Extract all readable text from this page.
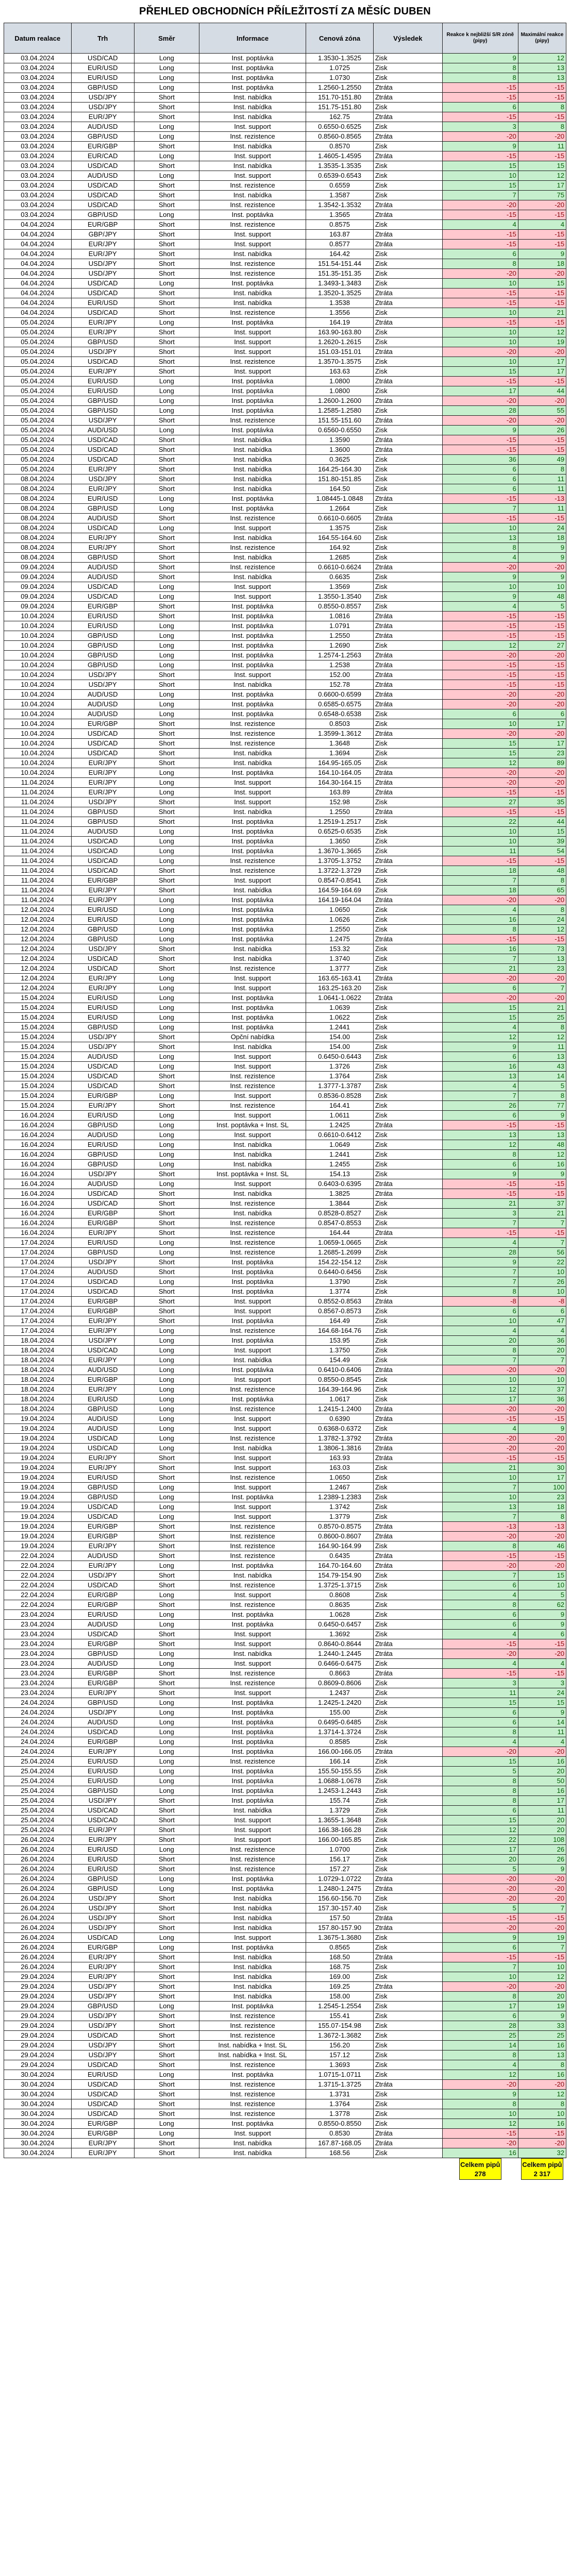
PŘEHLED OBCHODNÍCH PŘÍLEŽITOSTÍ ZA MĚSÍC DUBEN
Datum realace	Trh	Směr	Informace	Cenová zóna	Výsledek	Reakce k nejbližší S/R zóně (pipy)	Maximální reakce (pipy)
03.04.2024	USD/CAD	Long	Inst. poptávka	1.3530-1.3525	Zisk	9	12
03.04.2024	EUR/USD	Long	Inst. poptávka	1.0725	Zisk	8	13
03.04.2024	EUR/USD	Long	Inst. poptávka	1.0730	Zisk	8	13
03.04.2024	GBP/USD	Long	Inst. poptávka	1.2560-1.2550	Ztráta	-15	-15
03.04.2024	USD/JPY	Short	Inst. nabídka	151.70-151.80	Ztráta	-15	-15
03.04.2024	USD/JPY	Short	Inst. nabídka	151.75-151.80	Zisk	6	8
03.04.2024	EUR/JPY	Short	Inst. nabídka	162.75	Ztráta	-15	-15
03.04.2024	AUD/USD	Long	Inst. support	0.6550-0.6525	Zisk	3	8
03.04.2024	GBP/USD	Long	Inst. rezistence	0.8560-0.8565	Ztráta	-20	-20
03.04.2024	EUR/GBP	Short	Inst. nabídka	0.8570	Zisk	9	11
03.04.2024	EUR/CAD	Long	Inst. support	1.4605-1.4595	Ztráta	-15	-15
03.04.2024	USD/CAD	Short	Inst. nabídka	1.3535-1.3535	Zisk	15	15
03.04.2024	AUD/USD	Long	Inst. support	0.6539-0.6543	Zisk	10	12
03.04.2024	USD/CAD	Short	Inst. rezistence	0.6559	Zisk	15	17
03.04.2024	USD/CAD	Short	Inst. nabídka	1.3587	Zisk	7	75
03.04.2024	USD/CAD	Short	Inst. rezistence	1.3542-1.3532	Ztráta	-20	-20
03.04.2024	GBP/USD	Long	Inst. poptávka	1.3565	Ztráta	-15	-15
04.04.2024	EUR/GBP	Short	Inst. rezistence	0.8575	Zisk	4	4
04.04.2024	GBP/JPY	Short	Inst. support	163.87	Ztráta	-15	-15
04.04.2024	EUR/JPY	Short	Inst. support	0.8577	Ztráta	-15	-15
04.04.2024	EUR/JPY	Short	Inst. nabídka	164.42	Zisk	6	9
04.04.2024	USD/JPY	Short	Inst. rezistence	151.54-151.44	Zisk	8	18
04.04.2024	USD/JPY	Short	Inst. rezistence	151.35-151.35	Zisk	-20	-20
04.04.2024	USD/CAD	Long	Inst. poptávka	1.3493-1.3483	Zisk	10	15
04.04.2024	USD/CAD	Short	Inst. nabídka	1.3520-1.3525	Ztráta	-15	-15
04.04.2024	EUR/USD	Short	Inst. nabídka	1.3538	Ztráta	-15	-15
04.04.2024	USD/CAD	Short	Inst. rezistence	1.3556	Zisk	10	21
05.04.2024	EUR/JPY	Long	Inst. poptávka	164.19	Ztráta	-15	-15
05.04.2024	EUR/JPY	Short	Inst. support	163.90-163.80	Zisk	10	12
05.04.2024	GBP/USD	Short	Inst. support	1.2620-1.2615	Zisk	10	19
05.04.2024	USD/JPY	Short	Inst. support	151.03-151.01	Ztráta	-20	-20
05.04.2024	USD/CAD	Short	Inst. rezistence	1.3570-1.3575	Zisk	10	17
05.04.2024	EUR/JPY	Short	Inst. support	163.63	Zisk	15	17
05.04.2024	EUR/USD	Long	Inst. poptávka	1.0800	Ztráta	-15	-15
05.04.2024	EUR/USD	Long	Inst. poptávka	1.0800	Zisk	17	44
05.04.2024	GBP/USD	Long	Inst. poptávka	1.2600-1.2600	Ztráta	-20	-20
05.04.2024	GBP/USD	Long	Inst. poptávka	1.2585-1.2580	Zisk	28	55
05.04.2024	USD/JPY	Short	Inst. rezistence	151.55-151.60	Ztráta	-20	-20
05.04.2024	AUD/USD	Long	Inst. poptávka	0.6560-0.6550	Zisk	9	26
05.04.2024	USD/CAD	Short	Inst. nabídka	1.3590	Ztráta	-15	-15
05.04.2024	USD/CAD	Short	Inst. nabídka	1.3600	Ztráta	-15	-15
05.04.2024	USD/CAD	Short	Inst. nabídka	0.3625	Zisk	36	49
05.04.2024	EUR/JPY	Short	Inst. nabídka	164.25-164.30	Zisk	6	8
08.04.2024	USD/JPY	Short	Inst. nabídka	151.80-151.85	Zisk	6	11
08.04.2024	EUR/JPY	Short	Inst. nabídka	164.50	Zisk	6	11
08.04.2024	EUR/USD	Long	Inst. poptávka	1.08445-1.0848	Ztráta	-15	-13
08.04.2024	GBP/USD	Long	Inst. poptávka	1.2664	Zisk	7	11
08.04.2024	AUD/USD	Short	Inst. rezistence	0.6610-0.6605	Ztráta	-15	-15
08.04.2024	USD/CAD	Long	Inst. support	1.3575	Zisk	10	24
08.04.2024	EUR/JPY	Short	Inst. nabídka	164.55-164.60	Zisk	13	18
08.04.2024	EUR/JPY	Short	Inst. rezistence	164.92	Zisk	8	9
08.04.2024	GBP/USD	Short	Inst. nabídka	1.2685	Zisk	4	9
09.04.2024	AUD/USD	Short	Inst. rezistence	0.6610-0.6624	Ztráta	-20	-20
09.04.2024	AUD/USD	Short	Inst. nabídka	0.6635	Zisk	9	9
09.04.2024	USD/CAD	Long	Inst. support	1.3569	Zisk	10	10
09.04.2024	USD/CAD	Long	Inst. support	1.3550-1.3540	Zisk	9	48
09.04.2024	EUR/GBP	Short	Inst. poptávka	0.8550-0.8557	Zisk	4	5
10.04.2024	EUR/USD	Short	Inst. poptávka	1.0816	Ztráta	-15	-15
10.04.2024	EUR/USD	Long	Inst. poptávka	1.0791	Ztráta	-15	-15
10.04.2024	GBP/USD	Long	Inst. poptávka	1.2550	Ztráta	-15	-15
10.04.2024	GBP/USD	Long	Inst. poptávka	1.2690	Zisk	12	27
10.04.2024	GBP/USD	Long	Inst. poptávka	1.2574-1.2563	Ztráta	-20	-20
10.04.2024	GBP/USD	Long	Inst. poptávka	1.2538	Ztráta	-15	-15
10.04.2024	USD/JPY	Short	Inst. support	152.00	Ztráta	-15	-15
10.04.2024	USD/JPY	Short	Inst. nabídka	152.78	Ztráta	-15	-15
10.04.2024	AUD/USD	Long	Inst. poptávka	0.6600-0.6599	Ztráta	-20	-20
10.04.2024	AUD/USD	Long	Inst. poptávka	0.6585-0.6575	Ztráta	-20	-20
10.04.2024	AUD/USD	Long	Inst. poptávka	0.6548-0.6538	Zisk	6	6
10.04.2024	EUR/GBP	Short	Inst. rezistence	0.8503	Zisk	10	17
10.04.2024	USD/CAD	Short	Inst. rezistence	1.3599-1.3612	Ztráta	-20	-20
10.04.2024	USD/CAD	Short	Inst. rezistence	1.3648	Zisk	15	17
10.04.2024	USD/CAD	Short	Inst. nabídka	1.3694	Zisk	15	23
10.04.2024	EUR/JPY	Short	Inst. nabídka	164.95-165.05	Zisk	12	89
10.04.2024	EUR/JPY	Long	Inst. poptávka	164.10-164.05	Ztráta	-20	-20
11.04.2024	EUR/JPY	Long	Inst. support	164.30-164.15	Ztráta	-20	-20
11.04.2024	EUR/JPY	Long	Inst. support	163.89	Ztráta	-15	-15
11.04.2024	USD/JPY	Short	Inst. support	152.98	Zisk	27	35
11.04.2024	GBP/USD	Short	Inst. nabídka	1.2550	Ztráta	-15	-15
11.04.2024	GBP/USD	Short	Inst. poptávka	1.2519-1.2517	Zisk	22	44
11.04.2024	AUD/USD	Long	Inst. poptávka	0.6525-0.6535	Zisk	10	15
11.04.2024	USD/CAD	Long	Inst. poptávka	1.3650	Zisk	10	39
11.04.2024	USD/CAD	Long	Inst. poptávka	1.3670-1.3665	Zisk	11	54
11.04.2024	USD/CAD	Long	Inst. rezistence	1.3705-1.3752	Ztráta	-15	-15
11.04.2024	USD/CAD	Short	Inst. rezistence	1.3722-1.3729	Zisk	18	48
11.04.2024	EUR/GBP	Short	Inst. support	0.8547-0.8541	Zisk	7	8
11.04.2024	EUR/JPY	Short	Inst. nabídka	164.59-164.69	Zisk	18	65
11.04.2024	EUR/JPY	Long	Inst. poptávka	164.19-164.04	Ztráta	-20	-20
12.04.2024	EUR/USD	Long	Inst. poptávka	1.0650	Zisk	4	8
12.04.2024	EUR/USD	Long	Inst. poptávka	1.0626	Zisk	16	24
12.04.2024	GBP/USD	Long	Inst. poptávka	1.2550	Zisk	8	12
12.04.2024	GBP/USD	Long	Inst. poptávka	1.2475	Ztráta	-15	-15
12.04.2024	USD/JPY	Short	Inst. nabídka	153.32	Zisk	16	73
12.04.2024	USD/CAD	Short	Inst. nabídka	1.3740	Zisk	7	13
12.04.2024	USD/CAD	Short	Inst. rezistence	1.3777	Zisk	21	23
12.04.2024	EUR/JPY	Long	Inst. support	163.65-163.41	Ztráta	-20	-20
12.04.2024	EUR/JPY	Long	Inst. support	163.25-163.20	Zisk	6	7
15.04.2024	EUR/USD	Long	Inst. poptávka	1.0641-1.0622	Ztráta	-20	-20
15.04.2024	EUR/USD	Long	Inst. poptávka	1.0639	Zisk	15	21
15.04.2024	EUR/USD	Long	Inst. poptávka	1.0622	Zisk	15	25
15.04.2024	GBP/USD	Long	Inst. poptávka	1.2441	Zisk	4	8
15.04.2024	USD/JPY	Short	Opční nabídka	154.00	Zisk	12	12
15.04.2024	USD/JPY	Short	Inst. nabídka	154.00	Zisk	9	11
15.04.2024	AUD/USD	Long	Inst. support	0.6450-0.6443	Zisk	6	13
15.04.2024	USD/CAD	Long	Inst. support	1.3726	Zisk	16	43
15.04.2024	USD/CAD	Short	Inst. rezistence	1.3764	Zisk	13	14
15.04.2024	USD/CAD	Short	Inst. rezistence	1.3777-1.3787	Zisk	4	5
15.04.2024	EUR/GBP	Long	Inst. support	0.8536-0.8528	Zisk	7	8
15.04.2024	EUR/JPY	Short	Inst. rezistence	164.41	Zisk	26	77
16.04.2024	EUR/USD	Long	Inst. support	1.0611	Zisk	6	9
16.04.2024	GBP/USD	Long	Inst. poptávka + Inst. SL	1.2425	Ztráta	-15	-15
16.04.2024	AUD/USD	Long	Inst. support	0.6610-0.6412	Zisk	13	13
16.04.2024	EUR/USD	Long	Inst. nabídka	1.0649	Zisk	12	48
16.04.2024	GBP/USD	Long	Inst. nabídka	1.2441	Zisk	8	12
16.04.2024	GBP/USD	Long	Inst. nabídka	1.2455	Zisk	6	16
16.04.2024	USD/JPY	Short	Inst. poptávka + Inst. SL	154.13	Zisk	9	9
16.04.2024	AUD/USD	Long	Inst. support	0.6403-0.6395	Ztráta	-15	-15
16.04.2024	USD/CAD	Short	Inst. nabídka	1.3825	Ztráta	-15	-15
16.04.2024	USD/CAD	Short	Inst. rezistence	1.3844	Zisk	21	37
16.04.2024	EUR/GBP	Short	Inst. nabídka	0.8528-0.8527	Zisk	3	21
16.04.2024	EUR/GBP	Short	Inst. rezistence	0.8547-0.8553	Zisk	7	7
16.04.2024	EUR/JPY	Short	Inst. rezistence	164.44	Ztráta	-15	-15
17.04.2024	EUR/USD	Long	Inst. rezistence	1.0659-1.0665	Zisk	4	7
17.04.2024	GBP/USD	Long	Inst. rezistence	1.2685-1.2699	Zisk	28	56
17.04.2024	USD/JPY	Short	Inst. poptávka	154.22-154.12	Zisk	9	22
17.04.2024	AUD/USD	Short	Inst. poptávka	0.6440-0.6456	Zisk	7	10
17.04.2024	USD/CAD	Long	Inst. poptávka	1.3790	Zisk	7	26
17.04.2024	USD/CAD	Short	Inst. poptávka	1.3774	Zisk	8	10
17.04.2024	EUR/GBP	Short	Inst. support	0.8552-0.8563	Ztráta	-8	-8
17.04.2024	EUR/GBP	Short	Inst. support	0.8567-0.8573	Zisk	6	6
17.04.2024	EUR/JPY	Short	Inst. poptávka	164.49	Zisk	10	47
17.04.2024	EUR/JPY	Long	Inst. rezistence	164.68-164.76	Zisk	4	4
18.04.2024	USD/JPY	Long	Inst. poptávka	153.95	Zisk	20	36
18.04.2024	USD/CAD	Long	Inst. support	1.3750	Zisk	8	20
18.04.2024	EUR/JPY	Long	Inst. nabídka	154.49	Zisk	7	7
18.04.2024	AUD/USD	Long	Inst. poptávka	0.6410-0.6406	Ztráta	-20	-20
18.04.2024	EUR/GBP	Long	Inst. support	0.8550-0.8545	Zisk	10	10
18.04.2024	EUR/JPY	Long	Inst. rezistence	164.39-164.96	Zisk	12	37
18.04.2024	EUR/USD	Long	Inst. poptávka	1.0617	Zisk	17	36
18.04.2024	GBP/USD	Long	Inst. rezistence	1.2415-1.2400	Ztráta	-20	-20
19.04.2024	AUD/USD	Long	Inst. support	0.6390	Ztráta	-15	-15
19.04.2024	AUD/USD	Long	Inst. support	0.6368-0.6372	Zisk	4	9
19.04.2024	USD/CAD	Long	Inst. rezistence	1.3782-1.3792	Ztráta	-20	-20
19.04.2024	USD/CAD	Long	Inst. nabídka	1.3806-1.3816	Ztráta	-20	-20
19.04.2024	EUR/JPY	Short	Inst. support	163.93	Ztráta	-15	-15
19.04.2024	EUR/JPY	Short	Inst. support	163.03	Zisk	21	30
19.04.2024	EUR/USD	Short	Inst. rezistence	1.0650	Zisk	10	17
19.04.2024	GBP/USD	Long	Inst. support	1.2467	Zisk	7	100
19.04.2024	GBP/USD	Long	Inst. poptávka	1.2389-1.2383	Zisk	10	23
19.04.2024	USD/CAD	Long	Inst. support	1.3742	Zisk	13	18
19.04.2024	USD/CAD	Long	Inst. support	1.3779	Zisk	7	8
19.04.2024	EUR/GBP	Short	Inst. rezistence	0.8570-0.8575	Ztráta	-13	-13
19.04.2024	EUR/GBP	Short	Inst. rezistence	0.8600-0.8607	Ztráta	-20	-20
19.04.2024	EUR/JPY	Short	Inst. rezistence	164.90-164.99	Zisk	8	46
22.04.2024	AUD/USD	Short	Inst. rezistence	0.6435	Ztráta	-15	-15
22.04.2024	EUR/JPY	Long	Inst. poptávka	164.70-164.60	Ztráta	-20	-20
22.04.2024	USD/JPY	Short	Inst. nabídka	154.79-154.90	Zisk	7	15
22.04.2024	USD/CAD	Short	Inst. rezistence	1.3725-1.3715	Zisk	6	10
22.04.2024	EUR/GBP	Long	Inst. support	0.8608	Zisk	4	5
22.04.2024	EUR/GBP	Short	Inst. rezistence	0.8635	Zisk	8	62
23.04.2024	EUR/USD	Long	Inst. poptávka	1.0628	Zisk	6	9
23.04.2024	AUD/USD	Long	Inst. poptávka	0.6450-0.6457	Zisk	6	9
23.04.2024	USD/CAD	Short	Inst. support	1.3692	Zisk	4	6
23.04.2024	EUR/GBP	Short	Inst. support	0.8640-0.8644	Ztráta	-15	-15
23.04.2024	GBP/USD	Long	Inst. nabídka	1.2440-1.2445	Ztráta	-20	-20
23.04.2024	AUD/USD	Long	Inst. support	0.6466-0.6475	Zisk	4	4
23.04.2024	EUR/GBP	Short	Inst. rezistence	0.8663	Ztráta	-15	-15
23.04.2024	EUR/GBP	Short	Inst. rezistence	0.8609-0.8606	Zisk	3	3
23.04.2024	EUR/JPY	Short	Inst. support	1.2437	Zisk	11	24
24.04.2024	GBP/USD	Long	Inst. poptávka	1.2425-1.2420	Zisk	15	15
24.04.2024	USD/JPY	Long	Inst. poptávka	155.00	Zisk	6	9
24.04.2024	AUD/USD	Long	Inst. poptávka	0.6495-0.6485	Zisk	6	14
24.04.2024	USD/CAD	Long	Inst. poptávka	1.3714-1.3724	Zisk	8	11
24.04.2024	EUR/GBP	Long	Inst. poptávka	0.8585	Zisk	4	4
24.04.2024	EUR/JPY	Long	Inst. poptávka	166.00-166.05	Ztráta	-20	-20
25.04.2024	EUR/USD	Long	Inst. rezistence	166.14	Zisk	15	16
25.04.2024	EUR/USD	Long	Inst. poptávka	155.50-155.55	Zisk	5	20
25.04.2024	EUR/USD	Long	Inst. poptávka	1.0688-1.0678	Zisk	8	50
25.04.2024	GBP/USD	Long	Inst. poptávka	1.2453-1.2443	Zisk	8	16
25.04.2024	USD/JPY	Short	Inst. poptávka	155.74	Zisk	8	17
25.04.2024	USD/CAD	Short	Inst. nabídka	1.3729	Zisk	6	11
25.04.2024	USD/CAD	Short	Inst. support	1.3655-1.3648	Zisk	15	20
25.04.2024	EUR/JPY	Short	Inst. support	166.38-166.28	Zisk	12	20
26.04.2024	EUR/JPY	Short	Inst. support	166.00-165.85	Zisk	22	108
26.04.2024	EUR/USD	Long	Inst. rezistence	1.0700	Zisk	17	26
26.04.2024	EUR/USD	Short	Inst. rezistence	156.17	Zisk	20	26
26.04.2024	EUR/USD	Short	Inst. rezistence	157.27	Zisk	5	9
26.04.2024	GBP/USD	Long	Inst. poptávka	1.0729-1.0722	Ztráta	-20	-20
26.04.2024	GBP/USD	Long	Inst. poptávka	1.2480-1.2475	Ztráta	-20	-20
26.04.2024	USD/JPY	Short	Inst. nabídka	156.60-156.70	Zisk	-20	-20
26.04.2024	USD/JPY	Short	Inst. nabídka	157.30-157.40	Zisk	5	7
26.04.2024	USD/JPY	Short	Inst. nabídka	157.50	Ztráta	-15	-15
26.04.2024	USD/JPY	Short	Inst. nabídka	157.80-157.90	Ztráta	-20	-20
26.04.2024	USD/CAD	Long	Inst. support	1.3675-1.3680	Zisk	9	19
26.04.2024	EUR/GBP	Long	Inst. poptávka	0.8565	Zisk	6	7
26.04.2024	EUR/JPY	Short	Inst. nabídka	168.50	Ztráta	-15	-15
26.04.2024	EUR/JPY	Short	Inst. nabídka	168.75	Zisk	7	10
29.04.2024	EUR/JPY	Short	Inst. nabídka	169.00	Zisk	10	12
29.04.2024	USD/JPY	Short	Inst. nabídka	169.25	Ztráta	-20	-20
29.04.2024	USD/JPY	Short	Inst. nabídka	158.00	Zisk	8	20
29.04.2024	GBP/USD	Long	Inst. poptávka	1.2545-1.2554	Zisk	17	19
29.04.2024	USD/JPY	Short	Inst. rezistence	155.41	Zisk	6	9
29.04.2024	USD/JPY	Short	Inst. rezistence	155.07-154.98	Zisk	28	33
29.04.2024	USD/CAD	Short	Inst. rezistence	1.3672-1.3682	Zisk	25	25
29.04.2024	USD/JPY	Short	Inst. nabídka + Inst. SL	156.20	Zisk	14	16
29.04.2024	USD/JPY	Short	Inst. nabídka + Inst. SL	157.12	Zisk	8	13
29.04.2024	USD/CAD	Short	Inst. rezistence	1.3693	Zisk	4	8
30.04.2024	EUR/USD	Long	Inst. poptávka	1.0715-1.0711	Zisk	12	16
30.04.2024	USD/CAD	Short	Inst. rezistence	1.3715-1.3725	Ztráta	-20	-20
30.04.2024	USD/CAD	Short	Inst. rezistence	1.3731	Zisk	9	12
30.04.2024	USD/CAD	Short	Inst. rezistence	1.3764	Zisk	8	8
30.04.2024	USD/CAD	Short	Inst. rezistence	1.3778	Zisk	10	10
30.04.2024	EUR/GBP	Long	Inst. poptávka	0.8550-0.8550	Zisk	12	16
30.04.2024	EUR/GBP	Long	Inst. support	0.8530	Ztráta	-15	-15
30.04.2024	EUR/JPY	Short	Inst. nabídka	167.87-168.05	Ztráta	-20	-20
30.04.2024	EUR/JPY	Short	Inst. nabídka	168.56	Zisk	16	32
Celkem pipů
278
Celkem pipů
2 317
